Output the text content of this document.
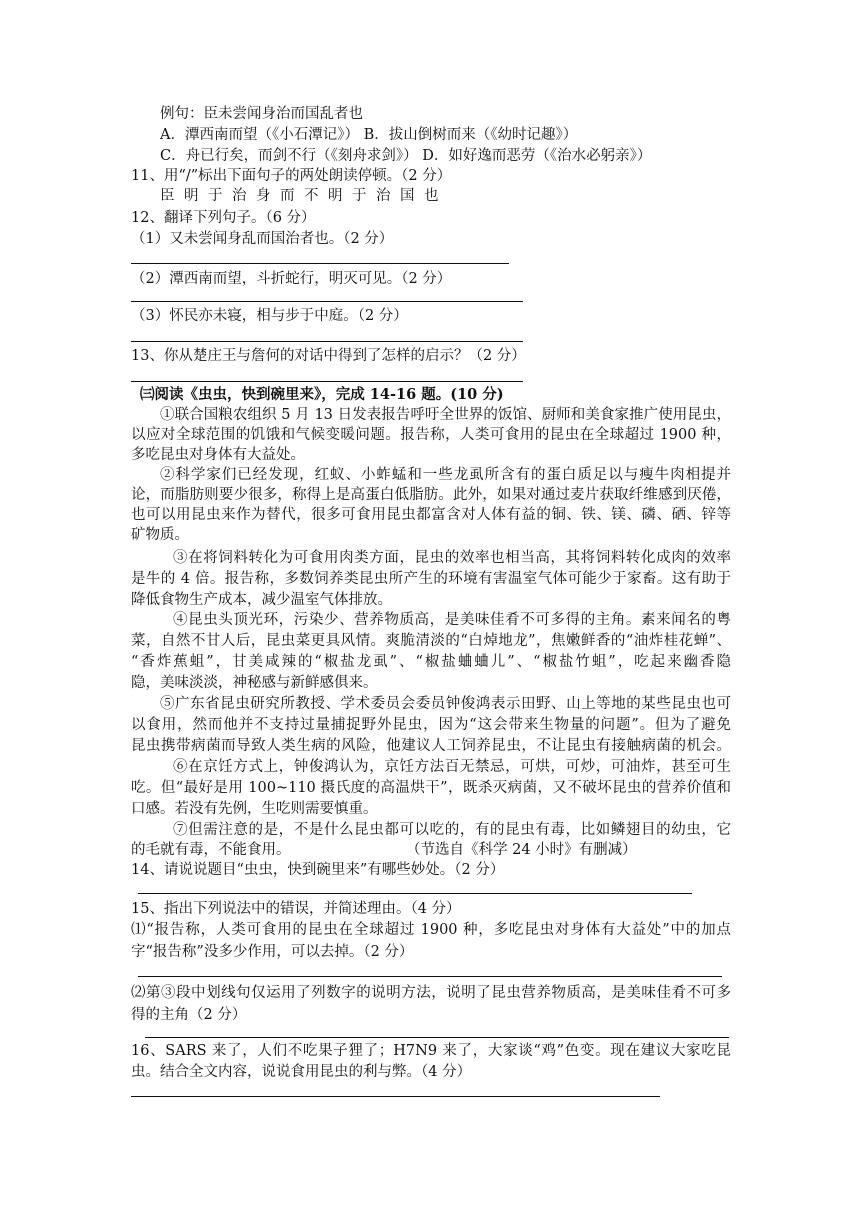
例句：臣未尝闻身治而国乱者也
A．潭西南而望（《小石潭记》） B．拔山倒树而来（《幼时记趣》）
C．舟已行矣，而剑不行（《刻舟求剑》） D．如好逸而恶劳（《治水必躬亲》）
11、用“/”标出下面句子的两处朗读停顿。（2 分）
臣明于治身而不明于治国也
12、翻译下列句子。（6 分）
（1）又未尝闻身乱而国治者也。（2 分）
（2）潭西南而望，斗折蛇行，明灭可见。（2 分）
（3）怀民亦未寝，相与步于中庭。（2 分）
13、你从楚庄王与詹何的对话中得到了怎样的启示？（2 分）
㈢阅读《虫虫，快到碗里来》，完成 14-16 题。(10 分)
①联合国粮农组织 5 月 13 日发表报告呼吁全世界的饭馆、厨师和美食家推广使用昆虫，
以应对全球范围的饥饿和气候变暖问题。报告称，人类可食用的昆虫在全球超过 1900 种，
多吃昆虫对身体有大益处。
②科学家们已经发现，红蚁、小蚱蜢和一些龙虱所含有的蛋白质足以与瘦牛肉相提并
论，而脂肪则要少很多，称得上是高蛋白低脂肪。此外，如果对通过麦片获取纤维感到厌倦，
也可以用昆虫来作为替代，很多可食用昆虫都富含对人体有益的铜、铁、镁、磷、硒、锌等
矿物质。
③在将饲料转化为可食用肉类方面，昆虫的效率也相当高，其将饲料转化成肉的效率
是牛的 4 倍。报告称，多数饲养类昆虫所产生的环境有害温室气体可能少于家畜。这有助于
降低食物生产成本，减少温室气体排放。
④昆虫头顶光环，污染少、营养物质高，是美味佳肴不可多得的主角。素来闻名的粤
菜，自然不甘人后，昆虫菜更具风情。爽脆清淡的“白焯地龙”，焦嫩鲜香的“油炸桂花蝉”、
“香炸蕉蛆”，甘美咸辣的“椒盐龙虱”、“椒盐蛐蛐儿”、“椒盐竹蛆”，吃起来幽香隐
隐，美味淡淡，神秘感与新鲜感俱来。
⑤广东省昆虫研究所教授、学术委员会委员钟俊鸿表示田野、山上等地的某些昆虫也可
以食用，然而他并不支持过量捕捉野外昆虫，因为“这会带来生物量的问题”。但为了避免
昆虫携带病菌而导致人类生病的风险，他建议人工饲养昆虫，不让昆虫有接触病菌的机会。
⑥在京饪方式上，钟俊鸿认为，京饪方法百无禁忌，可烘，可炒，可油炸，甚至可生
吃。但“最好是用 100~110 摄氏度的高温烘干”，既杀灭病菌，又不破坏昆虫的营养价值和
口感。若没有先例，生吃则需要慎重。
⑦但需注意的是，不是什么昆虫都可以吃的，有的昆虫有毒，比如鳞翅目的幼虫，它
的毛就有毒，不能食用。	（节选自《科学 24 小时》有删减）
14、请说说题目“虫虫，快到碗里来”有哪些妙处。（2 分）
15、指出下列说法中的错误，并简述理由。（4 分）
⑴“报告称，人类可食用的昆虫在全球超过 1900 种，多吃昆虫对身体有大益处”中的加点
字“报告称”没多少作用，可以去掉。（2 分）
⑵第③段中划线句仅运用了列数字的说明方法，说明了昆虫营养物质高，是美味佳肴不可多
得的主角（2 分）
16、SARS 来了，人们不吃果子狸了；H7N9 来了，大家谈“鸡”色变。现在建议大家吃昆
虫。结合全文内容，说说食用昆虫的利与弊。（4 分）
